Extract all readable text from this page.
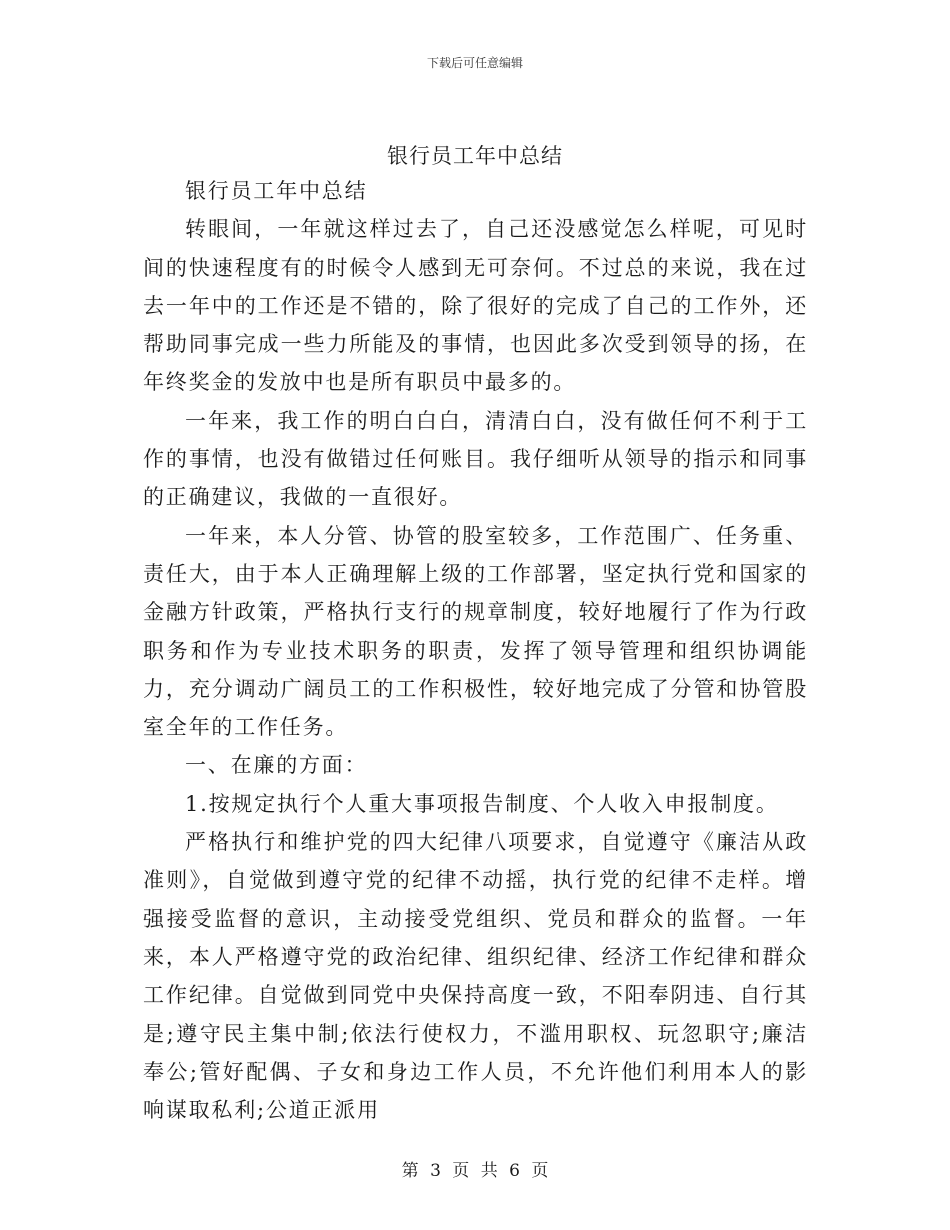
下载后可任意编辑
银行员工年中总结

银行员工年中总结

转眼间，一年就这样过去了，自己还没感觉怎么样呢，可见时间的快速程度有的时候令人感到无可奈何。不过总的来说，我在过去一年中的工作还是不错的，除了很好的完成了自己的工作外，还帮助同事完成一些力所能及的事情，也因此多次受到领导的扬，在年终奖金的发放中也是所有职员中最多的。

一年来，我工作的明白白白，清清白白，没有做任何不利于工作的事情，也没有做错过任何账目。我仔细听从领导的指示和同事的正确建议，我做的一直很好。

一年来，本人分管、协管的股室较多，工作范围广、任务重、责任大，由于本人正确理解上级的工作部署，坚定执行党和国家的金融方针政策，严格执行支行的规章制度，较好地履行了作为行政职务和作为专业技术职务的职责，发挥了领导管理和组织协调能力，充分调动广阔员工的工作积极性，较好地完成了分管和协管股室全年的工作任务。

一、在廉的方面：

1.按规定执行个人重大事项报告制度、个人收入申报制度。

严格执行和维护党的四大纪律八项要求，自觉遵守《廉洁从政准则》，自觉做到遵守党的纪律不动摇，执行党的纪律不走样。增强接受监督的意识，主动接受党组织、党员和群众的监督。一年来，本人严格遵守党的政治纪律、组织纪律、经济工作纪律和群众工作纪律。自觉做到同党中央保持高度一致，不阳奉阴违、自行其是;遵守民主集中制;依法行使权力，不滥用职权、玩忽职守;廉洁奉公;管好配偶、子女和身边工作人员，不允许他们利用本人的影响谋取私利;公道正派用

第 3 页 共 6 页
